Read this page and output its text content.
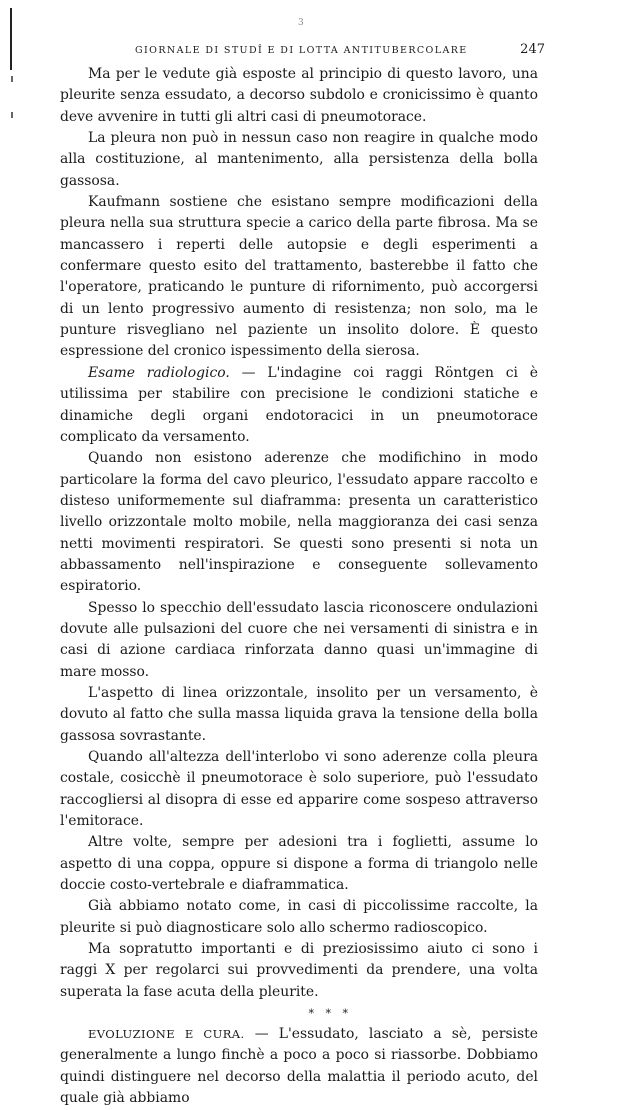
3
GIORNALE DI STUDÎ E DI LOTTA ANTITUBERCOLARE	247

Ma per le vedute già esposte al principio di questo lavoro, una pleurite senza essudato, a decorso subdolo e cronicissimo è quanto deve avvenire in tutti gli altri casi di pneumotorace.

La pleura non può in nessun caso non reagire in qualche modo alla costituzione, al mantenimento, alla persistenza della bolla gassosa.

Kaufmann sostiene che esistano sempre modificazioni della pleura nella sua struttura specie a carico della parte fibrosa. Ma se mancassero i reperti delle autopsie e degli esperimenti a confermare questo esito del trattamento, basterebbe il fatto che l'operatore, praticando le punture di rifornimento, può accorgersi di un lento progressivo aumento di resistenza; non solo, ma le punture risvegliano nel paziente un insolito dolore. È questo espressione del cronico ispessimento della sierosa.

Esame radiologico. — L'indagine coi raggi Röntgen ci è utilissima per stabilire con precisione le condizioni statiche e dinamiche degli organi endotoracici in un pneumotorace complicato da versamento.

Quando non esistono aderenze che modifichino in modo particolare la forma del cavo pleurico, l'essudato appare raccolto e disteso uniformemente sul diaframma: presenta un caratteristico livello orizzontale molto mobile, nella maggioranza dei casi senza netti movimenti respiratori. Se questi sono presenti si nota un abbassamento nell'inspirazione e conseguente sollevamento espiratorio.

Spesso lo specchio dell'essudato lascia riconoscere ondulazioni dovute alle pulsazioni del cuore che nei versamenti di sinistra e in casi di azione cardiaca rinforzata danno quasi un'immagine di mare mosso.

L'aspetto di linea orizzontale, insolito per un versamento, è dovuto al fatto che sulla massa liquida grava la tensione della bolla gassosa sovrastante.

Quando all'altezza dell'interlobo vi sono aderenze colla pleura costale, cosicchè il pneumotorace è solo superiore, può l'essudato raccogliersi al disopra di esse ed apparire come sospeso attraverso l'emitorace.

Altre volte, sempre per adesioni tra i foglietti, assume lo aspetto di una coppa, oppure si dispone a forma di triangolo nelle doccie costo-vertebrale e diaframmatica.

Già abbiamo notato come, in casi di piccolissime raccolte, la pleurite si può diagnosticare solo allo schermo radioscopico.

Ma sopratutto importanti e di preziosissimo aiuto ci sono i raggi X per regolarci sui provvedimenti da prendere, una volta superata la fase acuta della pleurite.

* * *

EVOLUZIONE E CURA. — L'essudato, lasciato a sè, persiste generalmente a lungo finchè a poco a poco si riassorbe. Dobbiamo quindi distinguere nel decorso della malattia il periodo acuto, del quale già abbiamo
